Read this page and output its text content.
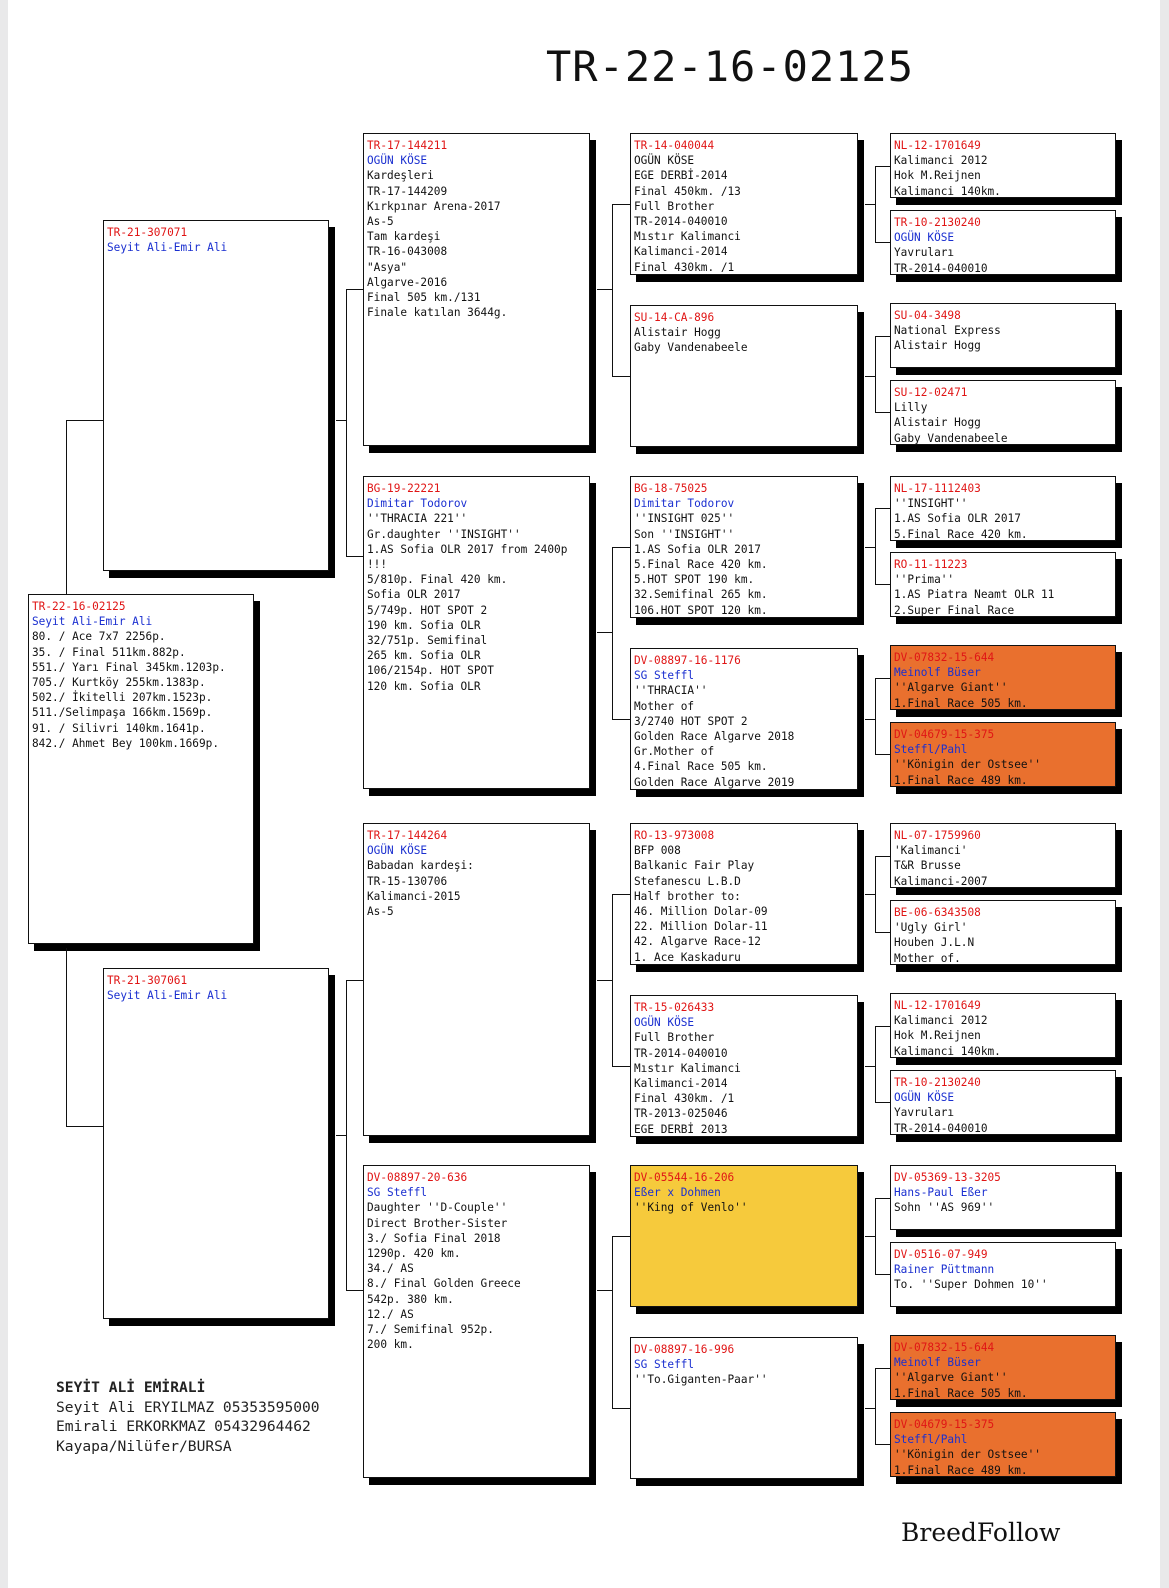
TR-22-16-02125
TR-22-16-02125
Seyit Ali-Emir Ali
80. / Ace 7x7 2256p.
35. / Final 511km.882p.
551./ Yarı Final 345km.1203p.
705./ Kurtköy 255km.1383p.
502./ İkitelli 207km.1523p.
511./Selimpaşa 166km.1569p.
91. / Silivri 140km.1641p.
842./ Ahmet Bey 100km.1669p.
TR-21-307071
Seyit Ali-Emir Ali
TR-21-307061
Seyit Ali-Emir Ali
TR-17-144211
OGÜN KÖSE
Kardeşleri
TR-17-144209
Kırkpınar Arena-2017
As-5
Tam kardeşi
TR-16-043008
"Asya"
Algarve-2016
Final 505 km./131
Finale katılan 3644g.
BG-19-22221
Dimitar Todorov
''THRACIA 221''
Gr.daughter ''INSIGHT''
1.AS Sofia OLR 2017 from 2400p
!!!
5/810p. Final 420 km.
Sofia OLR 2017
5/749p. HOT SPOT 2
190 km. Sofia OLR
32/751p. Semifinal
265 km. Sofia OLR
106/2154p. HOT SPOT
120 km. Sofia OLR
TR-17-144264
OGÜN KÖSE
Babadan kardeşi:
TR-15-130706
Kalimanci-2015
As-5
DV-08897-20-636
SG Steffl
Daughter ''D-Couple''
Direct Brother-Sister
3./ Sofia Final 2018
1290p. 420 km.
34./ AS
8./ Final Golden Greece
542p. 380 km.
12./ AS
7./ Semifinal 952p.
200 km.
TR-14-040044
OGÜN KÖSE
EGE DERBİ-2014
Final 450km. /13
Full Brother
TR-2014-040010
Mıstır Kalimanci
Kalimanci-2014
Final 430km. /1
SU-14-CA-896
Alistair Hogg
Gaby Vandenabeele
BG-18-75025
Dimitar Todorov
''INSIGHT 025''
Son ''INSIGHT''
1.AS Sofia OLR 2017
5.Final Race 420 km.
5.HOT SPOT 190 km.
32.Semifinal 265 km.
106.HOT SPOT 120 km.
DV-08897-16-1176
SG Steffl
''THRACIA''
Mother of
3/2740 HOT SPOT 2
Golden Race Algarve 2018
Gr.Mother of
4.Final Race 505 km.
Golden Race Algarve 2019
RO-13-973008
BFP 008
Balkanic Fair Play
Stefanescu L.B.D
Half brother to:
46. Million Dolar-09
22. Million Dolar-11
42. Algarve Race-12
1. Ace Kaskaduru
TR-15-026433
OGÜN KÖSE
Full Brother
TR-2014-040010
Mıstır Kalimanci
Kalimanci-2014
Final 430km. /1
TR-2013-025046
EGE DERBİ 2013
DV-05544-16-206
Eßer x Dohmen
''King of Venlo''
DV-08897-16-996
SG Steffl
''To.Giganten-Paar''
NL-12-1701649
Kalimanci 2012
Hok M.Reijnen
Kalimanci 140km.
TR-10-2130240
OGÜN KÖSE
Yavruları
TR-2014-040010
SU-04-3498
National Express
Alistair Hogg
SU-12-02471
Lilly
Alistair Hogg
Gaby Vandenabeele
NL-17-1112403
''INSIGHT''
1.AS Sofia OLR 2017
5.Final Race 420 km.
RO-11-11223
''Prima''
1.AS Piatra Neamt OLR 11
2.Super Final Race
DV-07832-15-644
Meinolf Büser
''Algarve Giant''
1.Final Race 505 km.
DV-04679-15-375
Steffl/Pahl
''Königin der Ostsee''
1.Final Race 489 km.
NL-07-1759960
'Kalimanci'
T&R Brusse
Kalimanci-2007
BE-06-6343508
'Ugly Girl'
Houben J.L.N
Mother of.
NL-12-1701649
Kalimanci 2012
Hok M.Reijnen
Kalimanci 140km.
TR-10-2130240
OGÜN KÖSE
Yavruları
TR-2014-040010
DV-05369-13-3205
Hans-Paul Eßer
Sohn ''AS 969''
DV-0516-07-949
Rainer Püttmann
To. ''Super Dohmen 10''
DV-07832-15-644
Meinolf Büser
''Algarve Giant''
1.Final Race 505 km.
DV-04679-15-375
Steffl/Pahl
''Königin der Ostsee''
1.Final Race 489 km.
SEYİT ALİ EMİRALİ
Seyit Ali ERYILMAZ 05353595000
Emirali ERKORKMAZ 05432964462
Kayapa/Nilüfer/BURSA
BreedFollow
